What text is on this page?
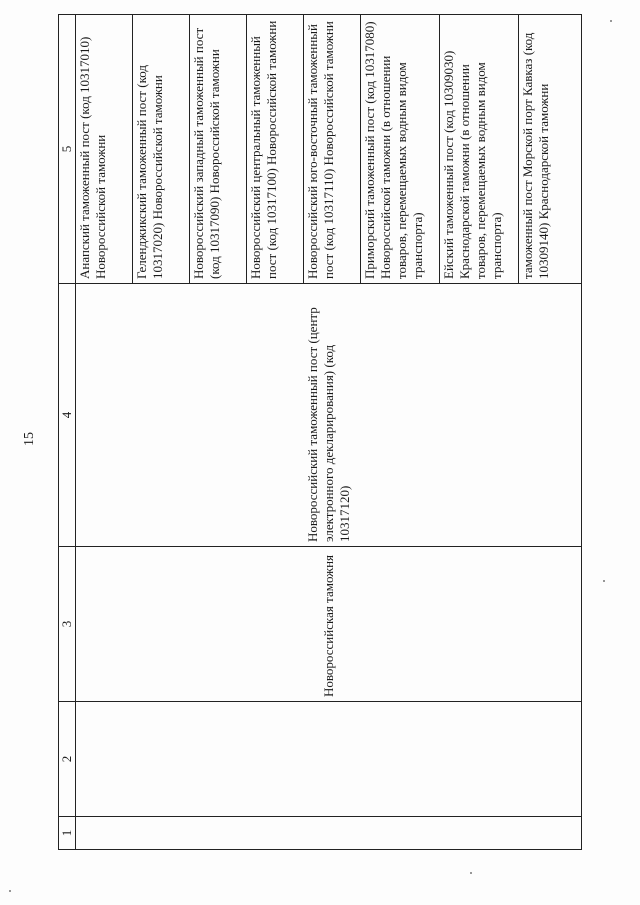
15
1	2	3	4	5
		Новороссийская таможня	Новороссийский таможенный пост (центр электронного декларирования) (код 10317120)	Анапский таможенный пост (код 10317010) Новороссийской таможни
				Геленджикский таможенный пост (код 10317020) Новороссийской таможни
				Новороссийский западный таможенный пост (код 10317090) Новороссийской таможни
				Новороссийский центральный таможенный пост (код 10317100) Новороссийской таможни
				Новороссийский юго-восточный таможенный пост (код 10317110) Новороссийской таможни
				Приморский таможенный пост (код 10317080) Новороссийской таможни (в отношении товаров, перемещаемых водным видом транспорта)
				Ейский таможенный пост (код 10309030) Краснодарской таможни (в отношении товаров, перемещаемых водным видом транспорта)
				таможенный пост Морской порт Кавказ (код 10309140) Краснодарской таможни
